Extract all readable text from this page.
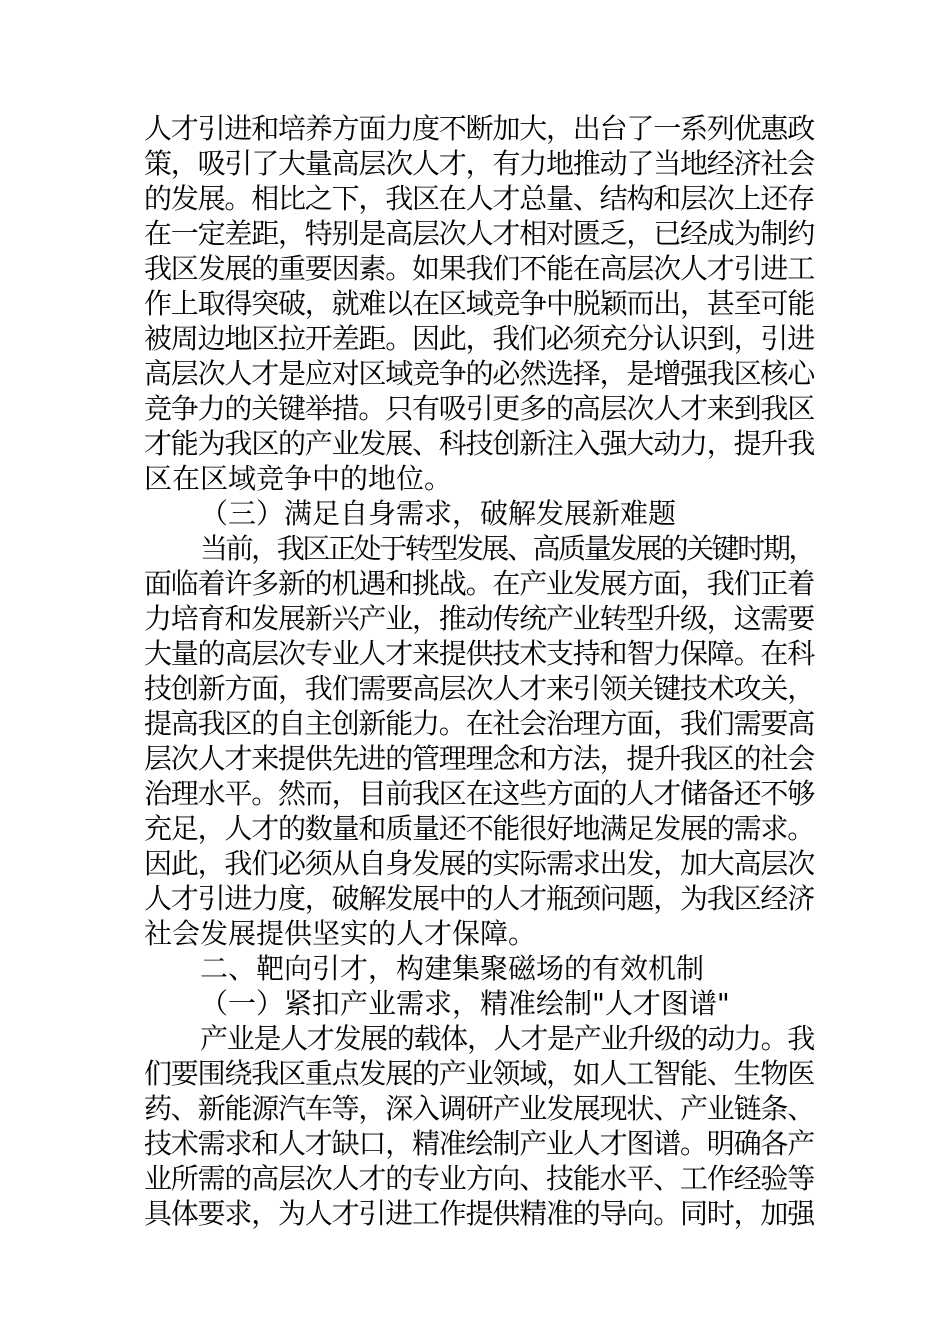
人才引进和培养方面力度不断加大，出台了一系列优惠政
策，吸引了大量高层次人才，有力地推动了当地经济社会
的发展。相比之下，我区在人才总量、结构和层次上还存
在一定差距，特别是高层次人才相对匮乏，已经成为制约
我区发展的重要因素。如果我们不能在高层次人才引进工
作上取得突破，就难以在区域竞争中脱颖而出，甚至可能
被周边地区拉开差距。因此，我们必须充分认识到，引进
高层次人才是应对区域竞争的必然选择，是增强我区核心
竞争力的关键举措。只有吸引更多的高层次人才来到我区
才能为我区的产业发展、科技创新注入强大动力，提升我
区在区域竞争中的地位。
（三）满足自身需求，破解发展新难题
当前，我区正处于转型发展、高质量发展的关键时期，
面临着许多新的机遇和挑战。在产业发展方面，我们正着
力培育和发展新兴产业，推动传统产业转型升级，这需要
大量的高层次专业人才来提供技术支持和智力保障。在科
技创新方面，我们需要高层次人才来引领关键技术攻关，
提高我区的自主创新能力。在社会治理方面，我们需要高
层次人才来提供先进的管理理念和方法，提升我区的社会
治理水平。然而，目前我区在这些方面的人才储备还不够
充足，人才的数量和质量还不能很好地满足发展的需求。
因此，我们必须从自身发展的实际需求出发，加大高层次
人才引进力度，破解发展中的人才瓶颈问题，为我区经济
社会发展提供坚实的人才保障。
二、靶向引才，构建集聚磁场的有效机制
（一）紧扣产业需求，精准绘制"人才图谱"
产业是人才发展的载体，人才是产业升级的动力。我
们要围绕我区重点发展的产业领域，如人工智能、生物医
药、新能源汽车等，深入调研产业发展现状、产业链条、
技术需求和人才缺口，精准绘制产业人才图谱。明确各产
业所需的高层次人才的专业方向、技能水平、工作经验等
具体要求，为人才引进工作提供精准的导向。同时，加强
